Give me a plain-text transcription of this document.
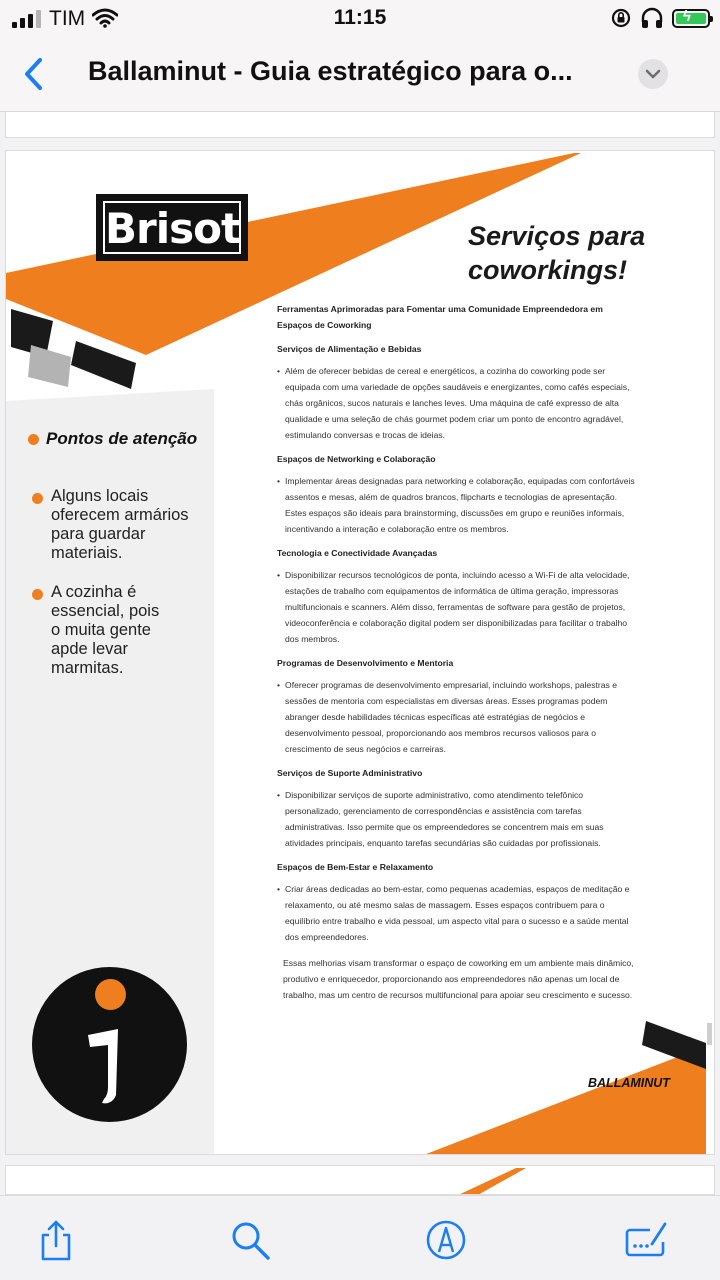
TIM	11:15	ϟ
Ballaminut - Guia estratégico para o...
Brisot	Serviços para
coworkings!
Pontos de atenção
Alguns locais
oferecem armários
para guardar
materiais.
A cozinha é
essencial, pois
o muita gente
apde levar
marmitas.
Ferramentas Aprimoradas para Fomentar uma Comunidade Empreendedora em Espaços de Coworking
Serviços de Alimentação e Bebidas
• Além de oferecer bebidas de cereal e energéticos, a cozinha do coworking pode ser equipada com uma variedade de opções saudáveis e energizantes, como cafés especiais, chás orgânicos, sucos naturais e lanches leves. Uma máquina de café expresso de alta qualidade e uma seleção de chás gourmet podem criar um ponto de encontro agradável, estimulando conversas e trocas de ideias.

Espaços de Networking e Colaboração
• Implementar áreas designadas para networking e colaboração, equipadas com confortáveis assentos e mesas, além de quadros brancos, flipcharts e tecnologias de apresentação. Estes espaços são ideais para brainstorming, discussões em grupo e reuniões informais, incentivando a interação e colaboração entre os membros.

Tecnologia e Conectividade Avançadas
• Disponibilizar recursos tecnológicos de ponta, incluindo acesso a Wi-Fi de alta velocidade, estações de trabalho com equipamentos de informática de última geração, impressoras multifuncionais e scanners. Além disso, ferramentas de software para gestão de projetos, videoconferência e colaboração digital podem ser disponibilizadas para facilitar o trabalho dos membros.

Programas de Desenvolvimento e Mentoria
• Oferecer programas de desenvolvimento empresarial, incluindo workshops, palestras e sessões de mentoria com especialistas em diversas áreas. Esses programas podem abranger desde habilidades técnicas específicas até estratégias de negócios e desenvolvimento pessoal, proporcionando aos membros recursos valiosos para o crescimento de seus negócios e carreiras.

Serviços de Suporte Administrativo
• Disponibilizar serviços de suporte administrativo, como atendimento telefônico personalizado, gerenciamento de correspondências e assistência com tarefas administrativas. Isso permite que os empreendedores se concentrem mais em suas atividades principais, enquanto tarefas secundárias são cuidadas por profissionais.

Espaços de Bem-Estar e Relaxamento
• Criar áreas dedicadas ao bem-estar, como pequenas academias, espaços de meditação e relaxamento, ou até mesmo salas de massagem. Esses espaços contribuem para o equilíbrio entre trabalho e vida pessoal, um aspecto vital para o sucesso e a saúde mental dos empreendedores.

Essas melhorias visam transformar o espaço de coworking em um ambiente mais dinâmico, produtivo e enriquecedor, proporcionando aos empreendedores não apenas um local de trabalho, mas um centro de recursos multifuncional para apoiar seu crescimento e sucesso.
BALLAMINUT
NETWORKING
